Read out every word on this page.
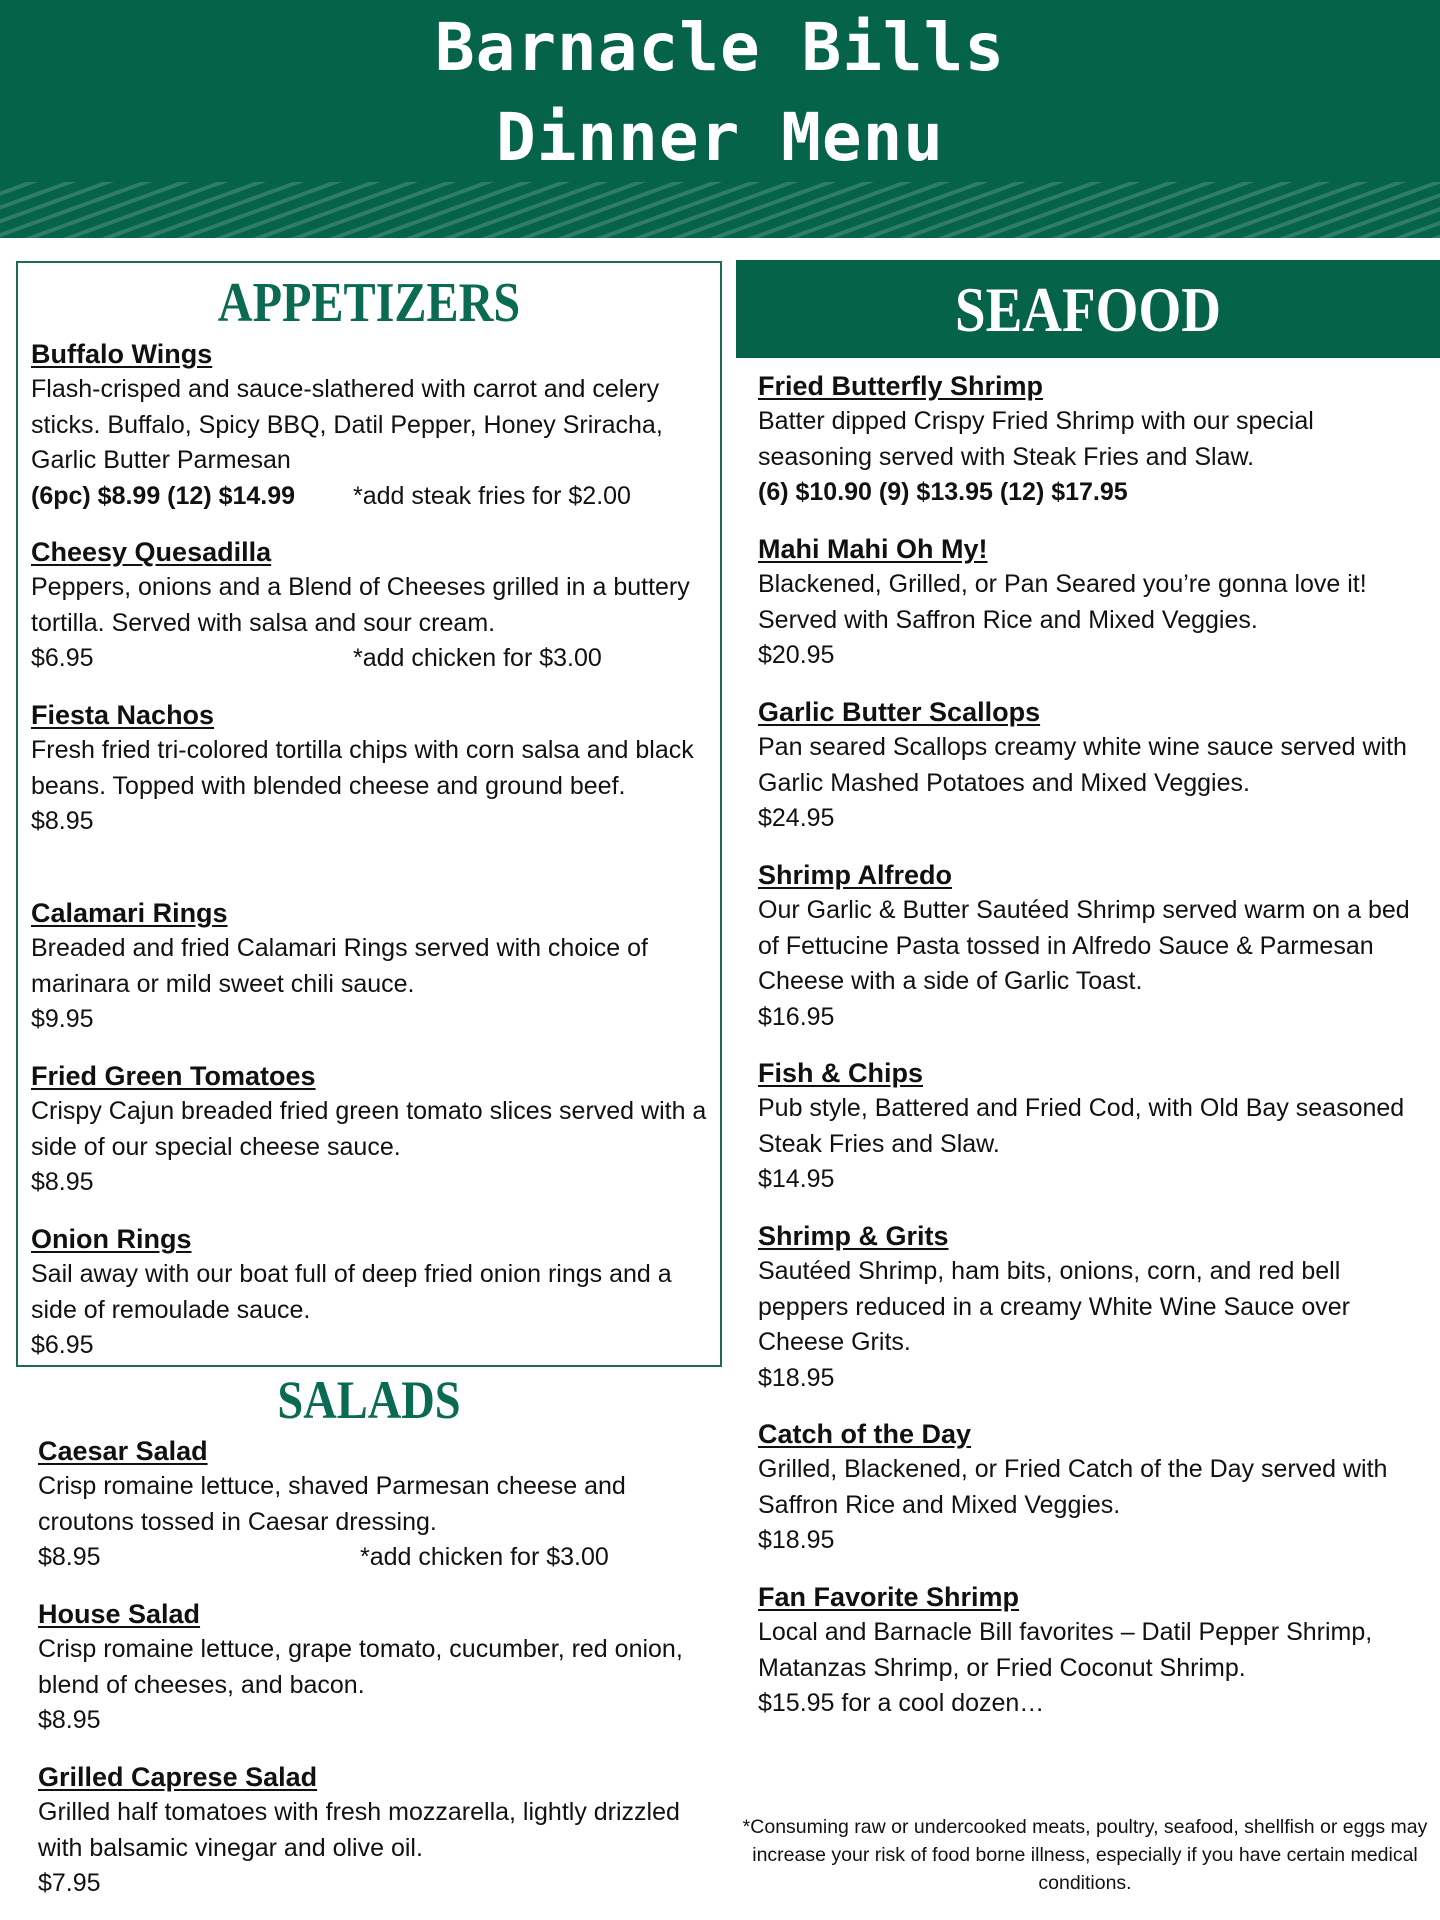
Barnacle Bills
Dinner Menu
APPETIZERS
Buffalo Wings
Flash-crisped and sauce-slathered with carrot and celery sticks. Buffalo, Spicy BBQ, Datil Pepper, Honey Sriracha, Garlic Butter Parmesan
(6pc) $8.99 (12) $14.99 *add steak fries for $2.00
Cheesy Quesadilla
Peppers, onions and a Blend of Cheeses grilled in a buttery tortilla. Served with salsa and sour cream.
$6.95	*add chicken for $3.00
Fiesta Nachos
Fresh fried tri-colored tortilla chips with corn salsa and black beans. Topped with blended cheese and ground beef.
$8.95
Calamari Rings
Breaded and fried Calamari Rings served with choice of marinara or mild sweet chili sauce.
$9.95
Fried Green Tomatoes
Crispy Cajun breaded fried green tomato slices served with a side of our special cheese sauce.
$8.95
Onion Rings
Sail away with our boat full of deep fried onion rings and a side of remoulade sauce.
$6.95
SALADS
Caesar Salad
Crisp romaine lettuce, shaved Parmesan cheese and croutons tossed in Caesar dressing.
$8.95	*add chicken for $3.00
House Salad
Crisp romaine lettuce, grape tomato, cucumber, red onion, blend of cheeses, and bacon.
$8.95
Grilled Caprese Salad
Grilled half tomatoes with fresh mozzarella, lightly drizzled with balsamic vinegar and olive oil.
$7.95
SEAFOOD
Fried Butterfly Shrimp
Batter dipped Crispy Fried Shrimp with our special seasoning served with Steak Fries and Slaw.
(6) $10.90 (9) $13.95 (12) $17.95
Mahi Mahi Oh My!
Blackened, Grilled, or Pan Seared you’re gonna love it! Served with Saffron Rice and Mixed Veggies.
$20.95
Garlic Butter Scallops
Pan seared Scallops creamy white wine sauce served with Garlic Mashed Potatoes and Mixed Veggies.
$24.95
Shrimp Alfredo
Our Garlic & Butter Sautéed Shrimp served warm on a bed of Fettucine Pasta tossed in Alfredo Sauce & Parmesan Cheese with a side of Garlic Toast.
$16.95
Fish & Chips
Pub style, Battered and Fried Cod, with Old Bay seasoned Steak Fries and Slaw.
$14.95
Shrimp & Grits
Sautéed Shrimp, ham bits, onions, corn, and red bell peppers reduced in a creamy White Wine Sauce over Cheese Grits.
$18.95
Catch of the Day
Grilled, Blackened, or Fried Catch of the Day served with Saffron Rice and Mixed Veggies.
$18.95
Fan Favorite Shrimp
Local and Barnacle Bill favorites – Datil Pepper Shrimp, Matanzas Shrimp, or Fried Coconut Shrimp.
$15.95 for a cool dozen…
*Consuming raw or undercooked meats, poultry, seafood, shellfish or eggs may increase your risk of food borne illness, especially if you have certain medical conditions.
